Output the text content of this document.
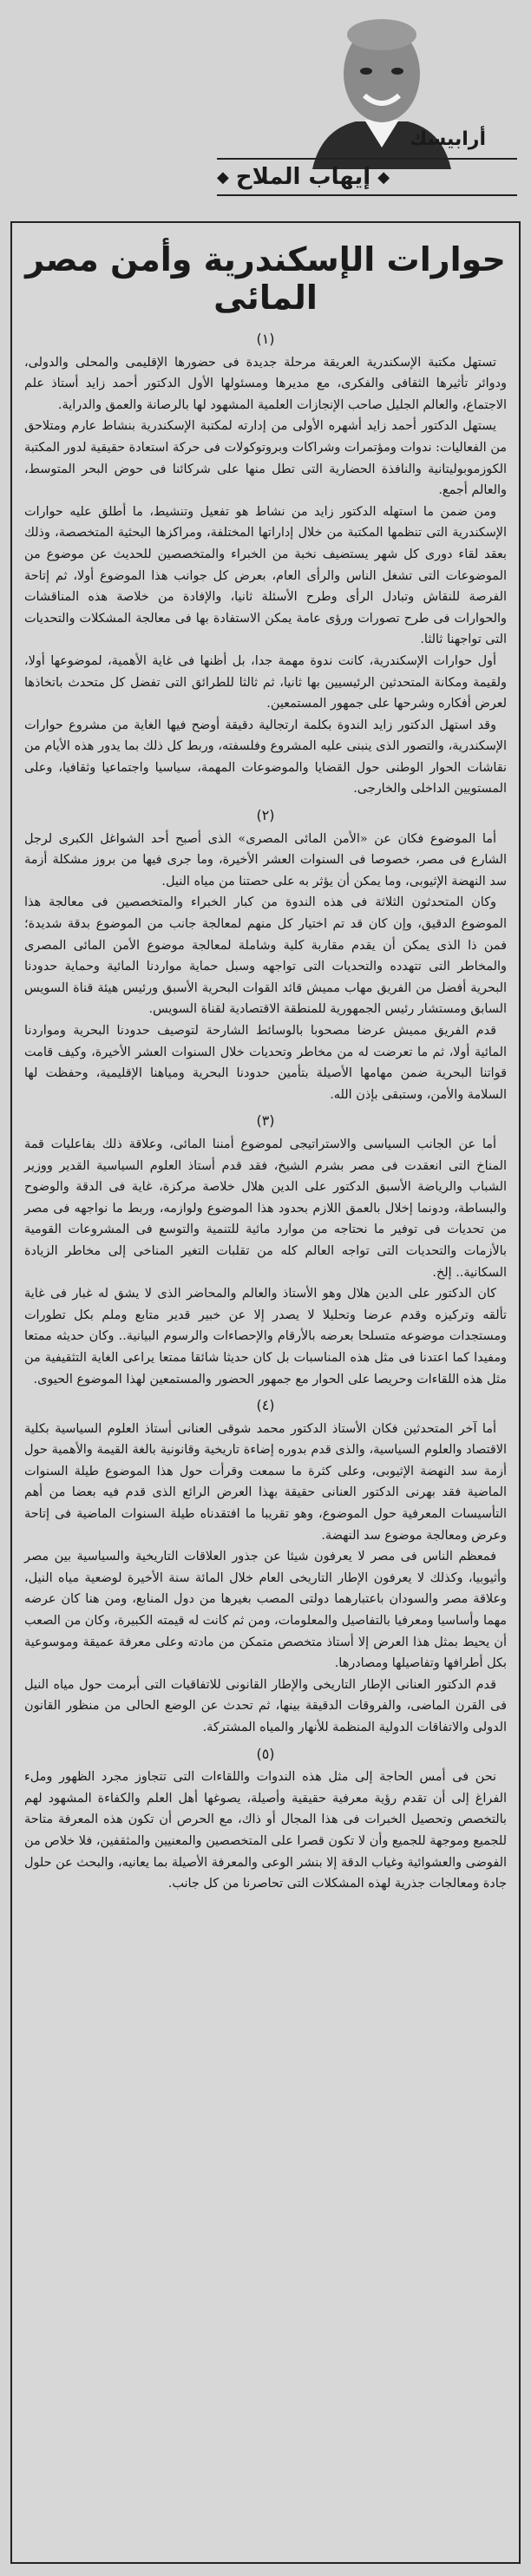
أرابيسك
◆
إيهاب الملاح
◆
حوارات الإسكندرية وأمن مصر المائى
(١)

تستهل مكتبة الإسكندرية العريقة مرحلة جديدة فى حضورها الإقليمى والمحلى والدولى، ودوائر تأثيرها الثقافى والفكرى، مع مديرها ومسئولها الأول الدكتور أحمد زايد أستاذ علم الاجتماع، والعالم الجليل صاحب الإنجازات العلمية المشهود لها بالرصانة والعمق والدراية.

يستهل الدكتور أحمد زايد أشهره الأولى من إدارته لمكتبة الإسكندرية بنشاط عارم ومتلاحق من الفعاليات: ندوات ومؤتمرات وشراكات وبروتوكولات فى حركة استعادة حقيقية لدور المكتبة الكوزموبوليتانية والنافذة الحضارية التى تطل منها على شركائنا فى حوض البحر المتوسط، والعالم أجمع.

ومن ضمن ما استهله الدكتور زايد من نشاط هو تفعيل وتنشيط، ما أطلق عليه حوارات الإسكندرية التى تنظمها المكتبة من خلال إداراتها المختلفة، ومراكزها البحثية المتخصصة، وذلك بعقد لقاء دورى كل شهر يستضيف نخبة من الخبراء والمتخصصين للحديث عن موضوع من الموضوعات التى تشغل الناس والرأى العام، بعرض كل جوانب هذا الموضوع أولا، ثم إتاحة الفرصة للنقاش وتبادل الرأى وطرح الأسئلة ثانيا، والإفادة من خلاصة هذه المناقشات والحوارات فى طرح تصورات ورؤى عامة يمكن الاستفادة بها فى معالجة المشكلات والتحديات التى تواجهنا ثالثا.

أول حوارات الإسكندرية، كانت ندوة مهمة جدا، بل أظنها فى غاية الأهمية، لموضوعها أولا، ولقيمة ومكانة المتحدثين الرئيسيين بها ثانيا، ثم ثالثا للطرائق التى تفضل كل متحدث باتخاذها لعرض أفكاره وشرحها على جمهور المستمعين.

وقد استهل الدكتور زايد الندوة بكلمة ارتجالية دقيقة أوضح فيها الغاية من مشروع حوارات الإسكندرية، والتصور الذى ينبنى عليه المشروع وفلسفته، وربط كل ذلك بما يدور هذه الأيام من نقاشات الحوار الوطنى حول القضايا والموضوعات المهمة، سياسيا واجتماعيا وثقافيا، وعلى المستويين الداخلى والخارجى.

(٢)

أما الموضوع فكان عن «الأمن المائى المصرى» الذى أصبح أحد الشواغل الكبرى لرجل الشارع فى مصر، خصوصا فى السنوات العشر الأخيرة، وما جرى فيها من بروز مشكلة أزمة سد النهضة الإثيوبى، وما يمكن أن يؤثر به على حصتنا من مياه النيل.

وكان المتحدثون الثلاثة فى هذه الندوة من كبار الخبراء والمتخصصين فى معالجة هذا الموضوع الدقيق، وإن كان قد تم اختيار كل منهم لمعالجة جانب من الموضوع بدقة شديدة؛ فمن ذا الذى يمكن أن يقدم مقاربة كلية وشاملة لمعالجة موضوع الأمن المائى المصرى والمخاطر التى تتهدده والتحديات التى تواجهه وسبل حماية مواردنا المائية وحماية حدودنا البحرية أفضل من الفريق مهاب مميش قائد القوات البحرية الأسبق ورئيس هيئة قناة السويس السابق ومستشار رئيس الجمهورية للمنطقة الاقتصادية لقناة السويس.

قدم الفريق مميش عرضا مصحوبا بالوسائط الشارحة لتوصيف حدودنا البحرية ومواردنا المائية أولا، ثم ما تعرضت له من مخاطر وتحديات خلال السنوات العشر الأخيرة، وكيف قامت قواتنا البحرية ضمن مهامها الأصيلة بتأمين حدودنا البحرية ومياهنا الإقليمية، وحفظت لها السلامة والأمن، وستبقى بإذن الله.

(٣)

أما عن الجانب السياسى والاستراتيجى لموضوع أمننا المائى، وعلاقة ذلك بفاعليات قمة المناخ التى انعقدت فى مصر بشرم الشيخ، فقد قدم أستاذ العلوم السياسية القدير ووزير الشباب والرياضة الأسبق الدكتور على الدين هلال خلاصة مركزة، غاية فى الدقة والوضوح والبساطة، ودونما إخلال بالعمق اللازم بحدود هذا الموضوع ولوازمه، وربط ما نواجهه فى مصر من تحديات فى توفير ما نحتاجه من موارد مائية للتنمية والتوسع فى المشروعات القومية بالأزمات والتحديات التى تواجه العالم كله من تقلبات التغير المناخى إلى مخاطر الزيادة السكانية.. إلخ.

كان الدكتور على الدين هلال وهو الأستاذ والعالم والمحاضر الذى لا يشق له غبار فى غاية تألقه وتركيزه وقدم عرضا وتحليلا لا يصدر إلا عن خبير قدير متابع وملم بكل تطورات ومستجدات موضوعه متسلحا بعرضه بالأرقام والإحصاءات والرسوم البيانية.. وكان حديثه ممتعا ومفيدا كما اعتدنا فى مثل هذه المناسبات بل كان حديثا شائقا ممتعا يراعى الغاية التثقيفية من مثل هذه اللقاءات وحريصا على الحوار مع جمهور الحضور والمستمعين لهذا الموضوع الحيوى.

(٤)

أما آخر المتحدثين فكان الأستاذ الدكتور محمد شوقى العنانى أستاذ العلوم السياسية بكلية الاقتصاد والعلوم السياسية، والذى قدم بدوره إضاءة تاريخية وقانونية بالغة القيمة والأهمية حول أزمة سد النهضة الإثيوبى، وعلى كثرة ما سمعت وقرأت حول هذا الموضوع طيلة السنوات الماضية فقد بهرنى الدكتور العنانى حقيقة بهذا العرض الرائع الذى قدم فيه بعضا من أهم التأسيسات المعرفية حول الموضوع، وهو تقريبا ما افتقدناه طيلة السنوات الماضية فى إتاحة وعرض ومعالجة موضوع سد النهضة.

فمعظم الناس فى مصر لا يعرفون شيئا عن جذور العلاقات التاريخية والسياسية بين مصر وأثيوبيا، وكذلك لا يعرفون الإطار التاريخى العام خلال المائة سنة الأخيرة لوضعية مياه النيل، وعلاقة مصر والسودان باعتبارهما دولتى المصب بغيرها من دول المنابع، ومن هنا كان عرضه مهما وأساسيا ومعرفيا بالتفاصيل والمعلومات، ومن ثم كانت له قيمته الكبيرة، وكان من الصعب أن يحيط بمثل هذا العرض إلا أستاذ متخصص متمكن من مادته وعلى معرفة عميقة وموسوعية بكل أطرافها وتفاصيلها ومصادرها.

قدم الدكتور العنانى الإطار التاريخى والإطار القانونى للاتفاقيات التى أبرمت حول مياه النيل فى القرن الماضى، والفروقات الدقيقة بينها، ثم تحدث عن الوضع الحالى من منظور القانون الدولى والاتفاقات الدولية المنظمة للأنهار والمياه المشتركة.

(٥)

نحن فى أمس الحاجة إلى مثل هذه الندوات واللقاءات التى تتجاوز مجرد الظهور وملء الفراغ إلى أن تقدم رؤية معرفية حقيقية وأصيلة، يصوغها أهل العلم والكفاءة المشهود لهم بالتخصص وتحصيل الخبرات فى هذا المجال أو ذاك، مع الحرص أن تكون هذه المعرفة متاحة للجميع وموجهة للجميع وأن لا تكون قصرا على المتخصصين والمعنيين والمثقفين، فلا خلاص من الفوضى والعشوائية وغياب الدقة إلا بنشر الوعى والمعرفة الأصيلة بما يعانيه، والبحث عن حلول جادة ومعالجات جذرية لهذه المشكلات التى تحاصرنا من كل جانب.
